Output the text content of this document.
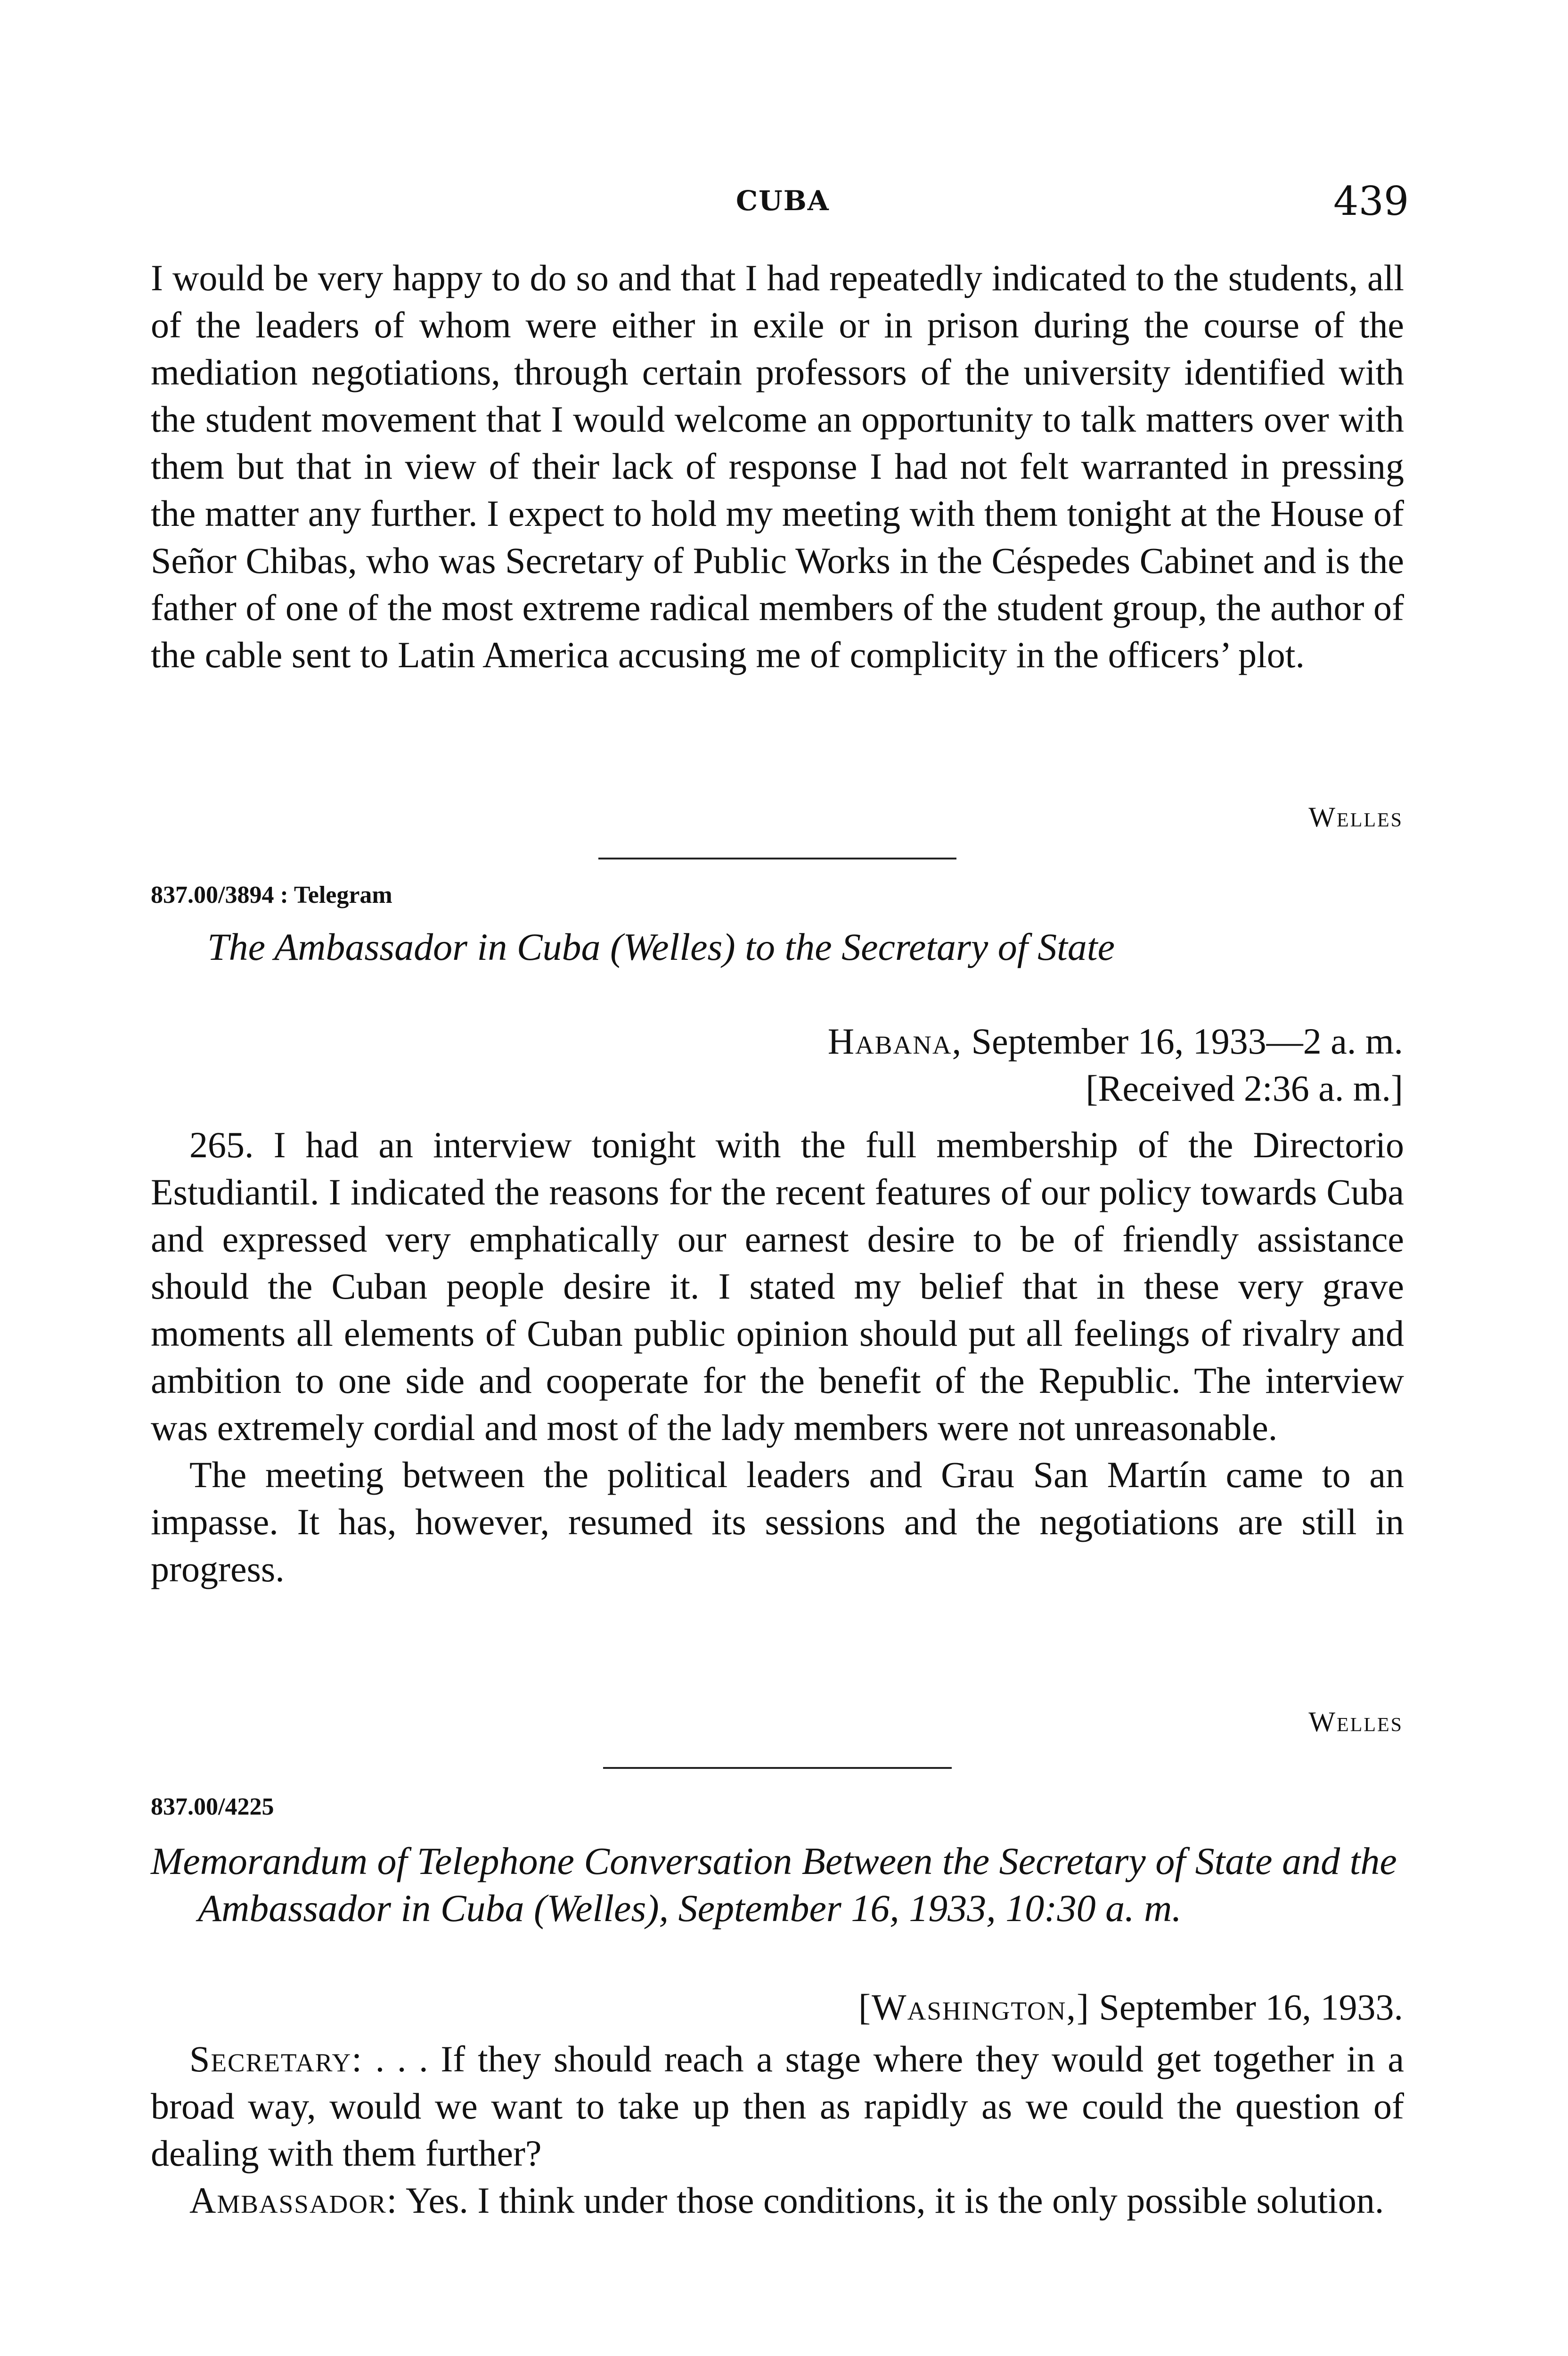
CUBA	439

I would be very happy to do so and that I had repeatedly indicated to the students, all of the leaders of whom were either in exile or in prison during the course of the mediation negotiations, through certain professors of the university identified with the student movement that I would welcome an opportunity to talk matters over with them but that in view of their lack of response I had not felt warranted in pressing the matter any further. I expect to hold my meeting with them tonight at the House of Señor Chibas, who was Secretary of Public Works in the Céspedes Cabinet and is the father of one of the most extreme radical members of the student group, the author of the cable sent to Latin America accusing me of complicity in the officers’ plot.

Welles
837.00/3894 : Telegram
The Ambassador in Cuba (Welles) to the Secretary of State
Habana, September 16, 1933—2 a. m.
[Received 2:36 a. m.]

265. I had an interview tonight with the full membership of the Directorio Estudiantil. I indicated the reasons for the recent features of our policy towards Cuba and expressed very emphatically our earnest desire to be of friendly assistance should the Cuban people desire it. I stated my belief that in these very grave moments all elements of Cuban public opinion should put all feelings of rivalry and ambition to one side and cooperate for the benefit of the Republic. The interview was extremely cordial and most of the lady members were not unreasonable.

The meeting between the political leaders and Grau San Martín came to an impasse. It has, however, resumed its sessions and the negotiations are still in progress.

Welles
837.00/4225
Memorandum of Telephone Conversation Between the Secretary of State and the Ambassador in Cuba (Welles), September 16, 1933, 10:30 a. m.
[Washington,] September 16, 1933.

Secretary: . . . If they should reach a stage where they would get together in a broad way, would we want to take up then as rapidly as we could the question of dealing with them further?

Ambassador: Yes. I think under those conditions, it is the only possible solution.
